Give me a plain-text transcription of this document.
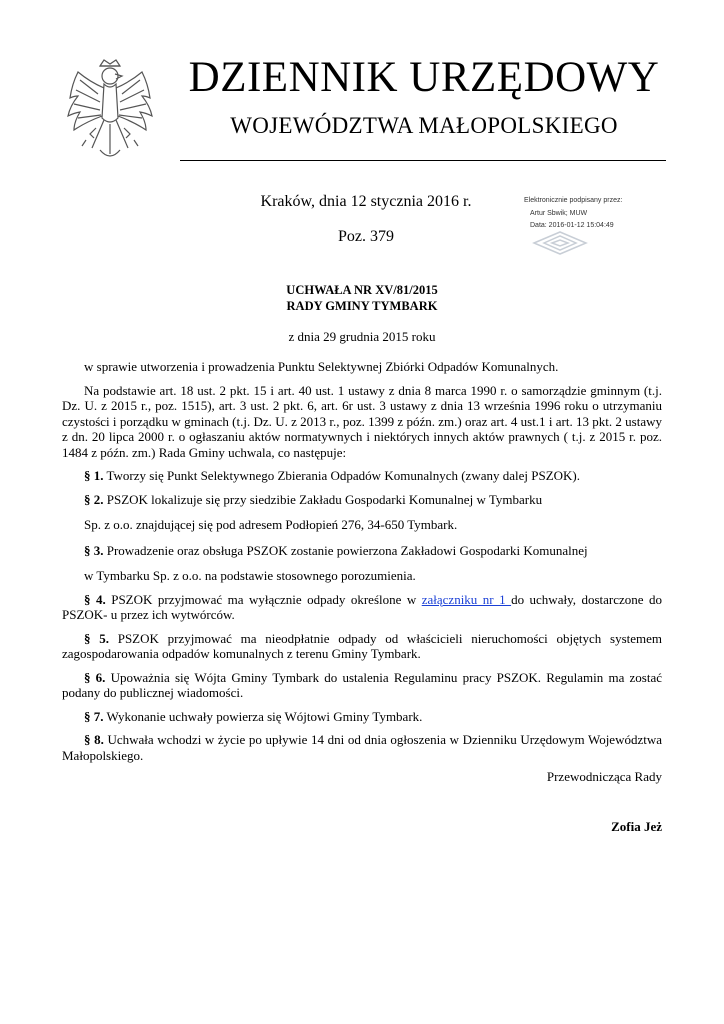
DZIENNIK URZĘDOWY
WOJEWÓDZTWA MAŁOPOLSKIEGO
Kraków, dnia 12 stycznia 2016 r.
Poz. 379
Elektronicznie podpisany przez:
Artur Sbwik; MUW
Data: 2016-01-12 15:04:49
UCHWAŁA NR XV/81/2015
RADY GMINY TYMBARK
z dnia 29 grudnia 2015 roku

w sprawie utworzenia i prowadzenia Punktu Selektywnej Zbiórki Odpadów Komunalnych.

Na podstawie art. 18 ust. 2 pkt. 15 i art. 40 ust. 1 ustawy z dnia 8 marca 1990 r. o samorządzie gminnym (t.j. Dz. U. z 2015 r., poz. 1515), art. 3 ust. 2 pkt. 6, art. 6r ust. 3 ustawy z dnia 13 września 1996 roku o utrzymaniu czystości i porządku w gminach (t.j. Dz. U. z 2013 r., poz. 1399 z późn. zm.) oraz art. 4 ust.1 i art. 13 pkt. 2 ustawy z dn. 20 lipca 2000 r. o ogłaszaniu aktów normatywnych i niektórych innych aktów prawnych ( t.j. z 2015 r. poz. 1484 z późn. zm.) Rada Gminy uchwala, co następuje:

§ 1. Tworzy się Punkt Selektywnego Zbierania Odpadów Komunalnych (zwany dalej PSZOK).

§ 2. PSZOK lokalizuje się przy siedzibie Zakładu Gospodarki Komunalnej w Tymbarku

Sp. z o.o. znajdującej się pod adresem Podłopień 276, 34-650 Tymbark.

§ 3. Prowadzenie oraz obsługa PSZOK zostanie powierzona Zakładowi Gospodarki Komunalnej

w Tymbarku Sp. z o.o. na podstawie stosownego porozumienia.

§ 4. PSZOK przyjmować ma wyłącznie odpady określone w załączniku nr 1 do uchwały, dostarczone do PSZOK- u przez ich wytwórców.

§ 5. PSZOK przyjmować ma nieodpłatnie odpady od właścicieli nieruchomości objętych systemem zagospodarowania odpadów komunalnych z terenu Gminy Tymbark.

§ 6. Upoważnia się Wójta Gminy Tymbark do ustalenia Regulaminu pracy PSZOK. Regulamin ma zostać podany do publicznej wiadomości.

§ 7. Wykonanie uchwały powierza się Wójtowi Gminy Tymbark.

§ 8. Uchwała wchodzi w życie po upływie 14 dni od dnia ogłoszenia w Dzienniku Urzędowym Województwa Małopolskiego.

Przewodnicząca Rady
Zofia Jeż
